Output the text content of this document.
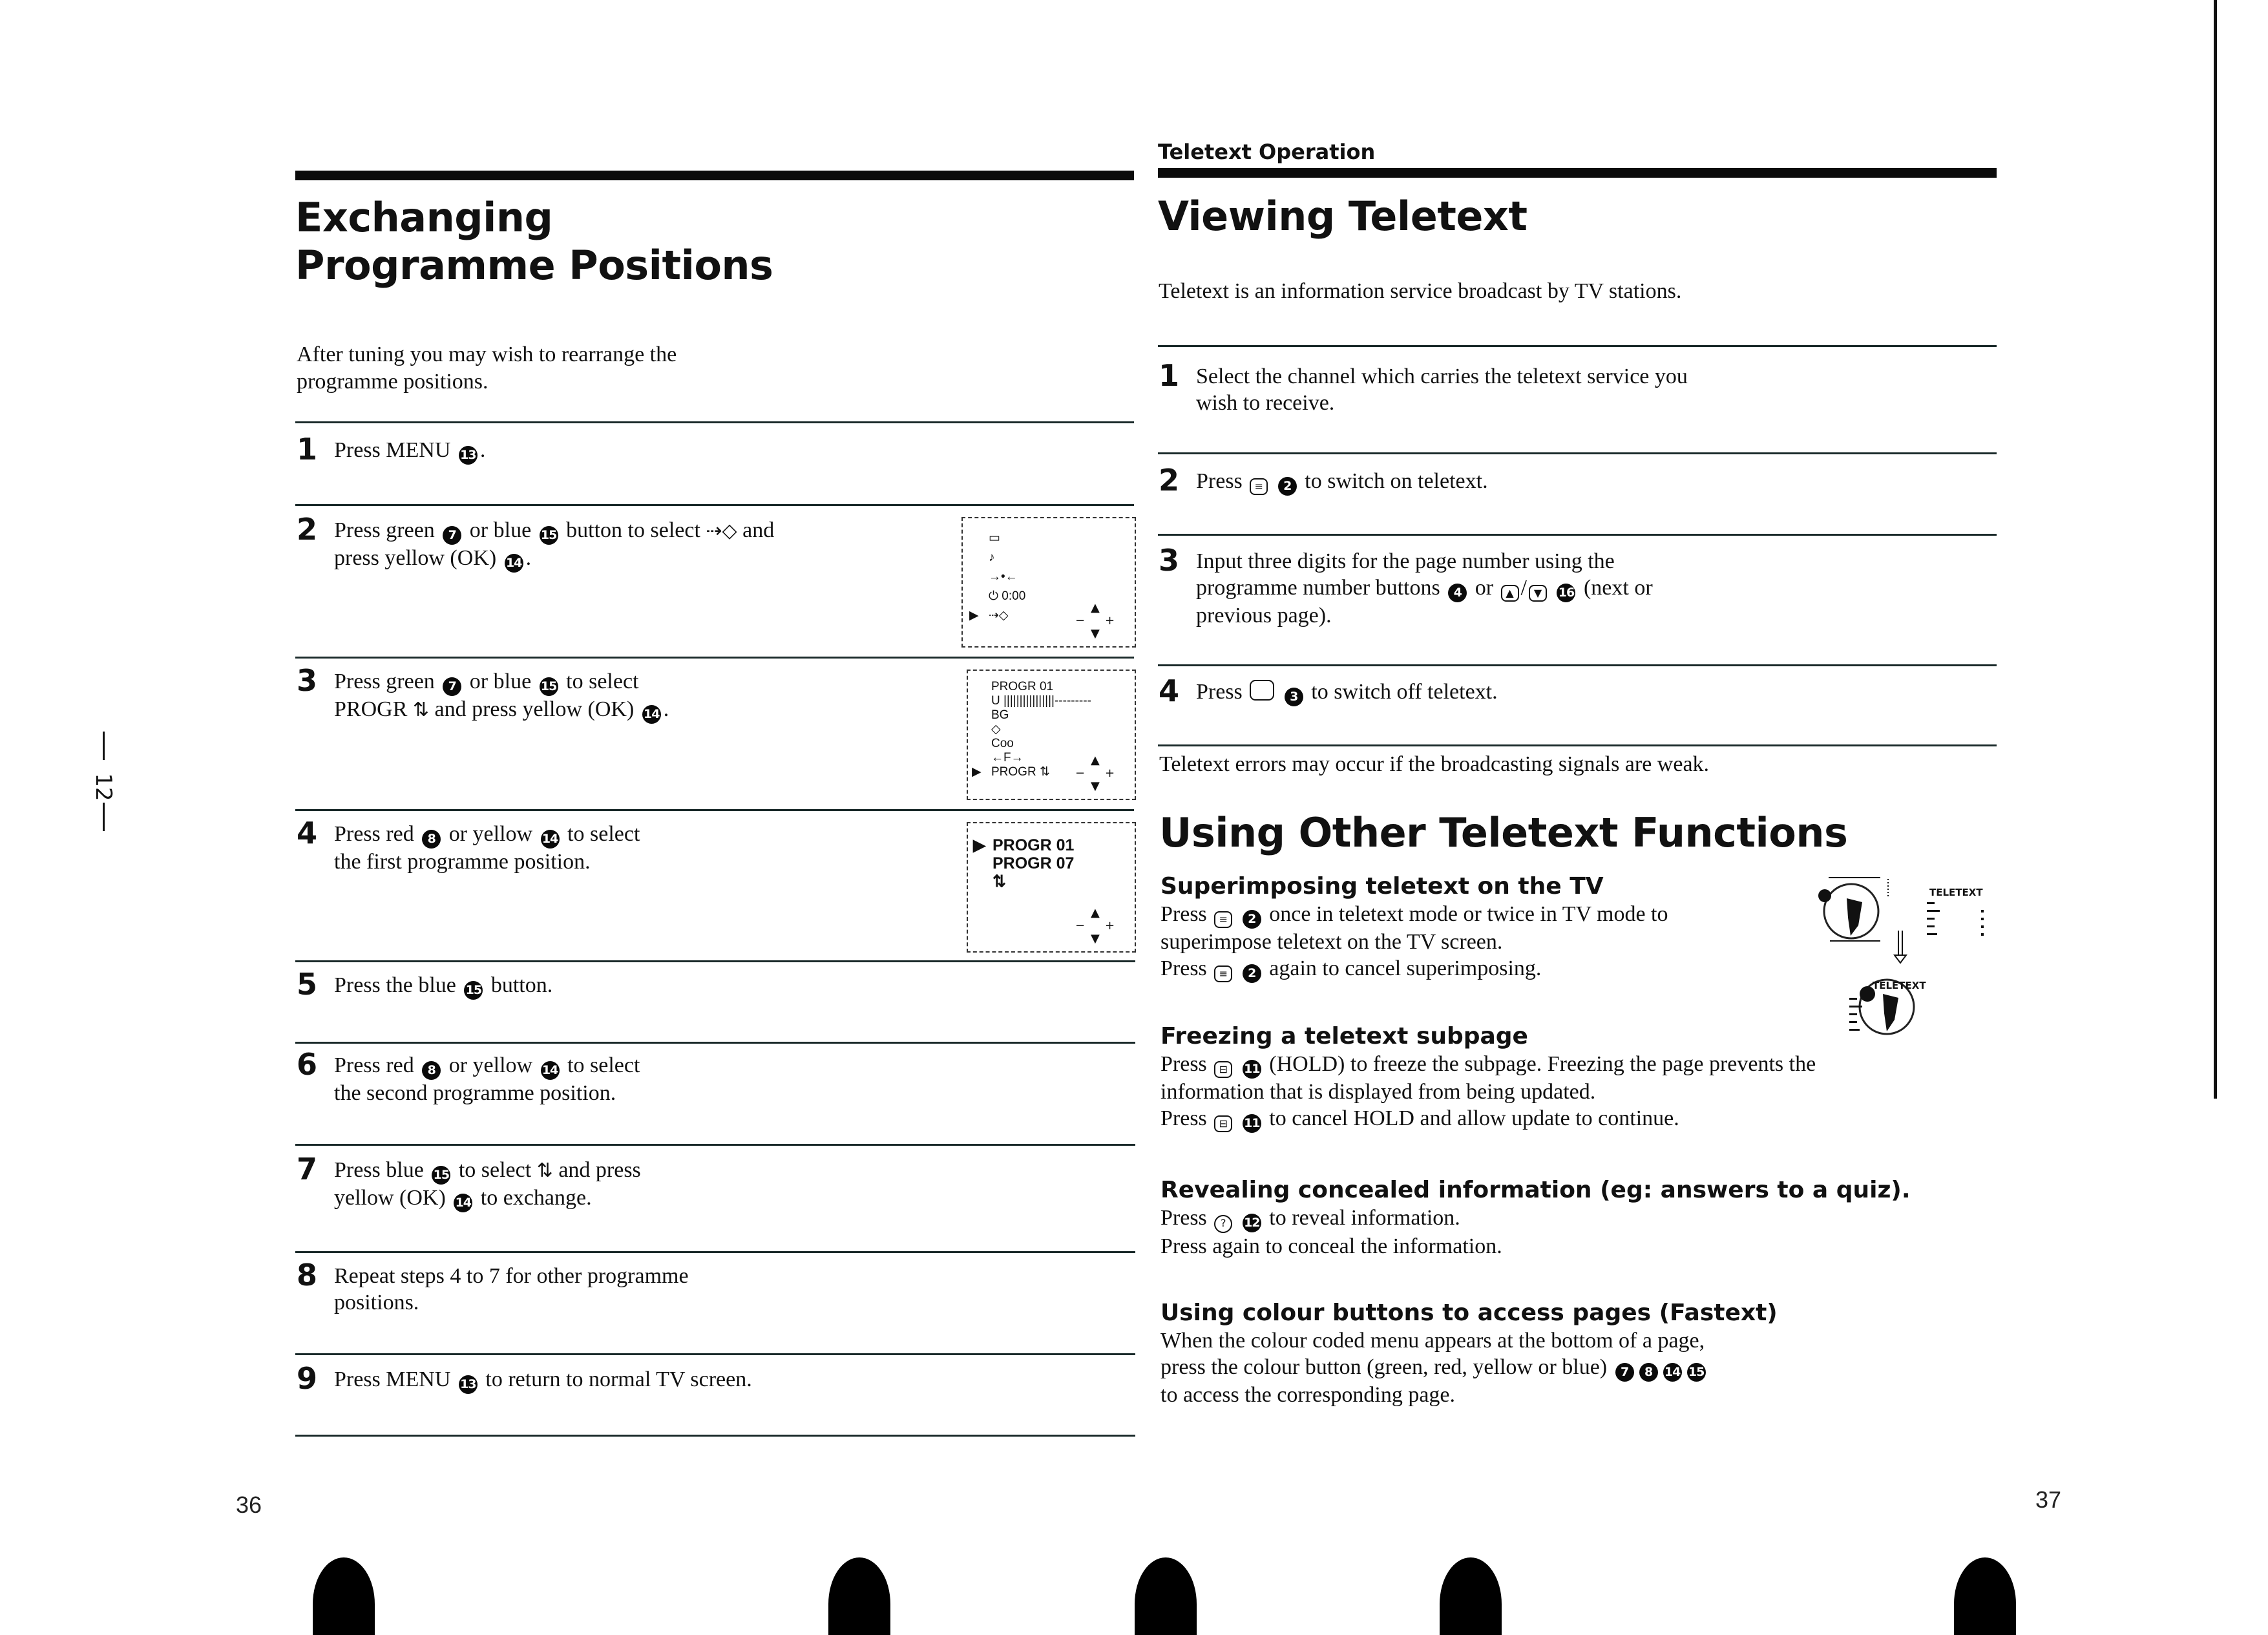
12
36	37
Exchanging
Programme Positions
After tuning you may wish to rearrange the
programme positions.
1 Press MENU 13 .
2 Press green 7 or blue 15 button to select ⇢◇ and
press yellow (OK) 14 .
3 Press green 7 or blue 15 to select
PROGR ⇅ and press yellow (OK) 14 .
4 Press red 8 or yellow 14 to select
the first programme position.
5 Press the blue 15 button.
6 Press red 8 or yellow 14 to select
the second programme position.
7 Press blue 15 to select ⇅ and press
yellow (OK) 14 to exchange.
8 Repeat steps 4 to 7 for other programme
positions.
9 Press MENU 13 to return to normal TV screen.
▭
♪
→•←
⏻ 0:00
⇢◇
▶
▲
▼
− +
PROGR 01
U ||||||||||||||||---------
BG
◇
Coo
←F→
PROGR ⇅
▶
▲
▼
− +
PROGR 01
▶
PROGR 07
⇅
▲
▼
− +
Teletext Operation
Viewing Teletext
Teletext is an information service broadcast by TV stations.
1 Select the channel which carries the teletext service you
wish to receive.
2 Press ≡ 2 to switch on teletext.
3 Input three digits for the page number using the
programme number buttons 4 or ▲ / ▼ 16 (next or
previous page).
4 Press	3 to switch off teletext.
Teletext errors may occur if the broadcasting signals are weak.
Using Other Teletext Functions
Superimposing teletext on the TV
Press ≡ 2 once in teletext mode or twice in TV mode to
superimpose teletext on the TV screen.
Press ≡ 2 again to cancel superimposing.
Freezing a teletext subpage
Press ⊟ 11 (HOLD) to freeze the subpage. Freezing the page prevents the
information that is displayed from being updated.
Press ⊟ 11 to cancel HOLD and allow update to continue.
Revealing concealed information (eg: answers to a quiz).
Press ? 12 to reveal information.
Press again to conceal the information.
Using colour buttons to access pages (Fastext)
When the colour coded menu appears at the bottom of a page,
press the colour button (green, red, yellow or blue) 7 8 14 15
to access the corresponding page.
TELETEXT
TELETEXT
